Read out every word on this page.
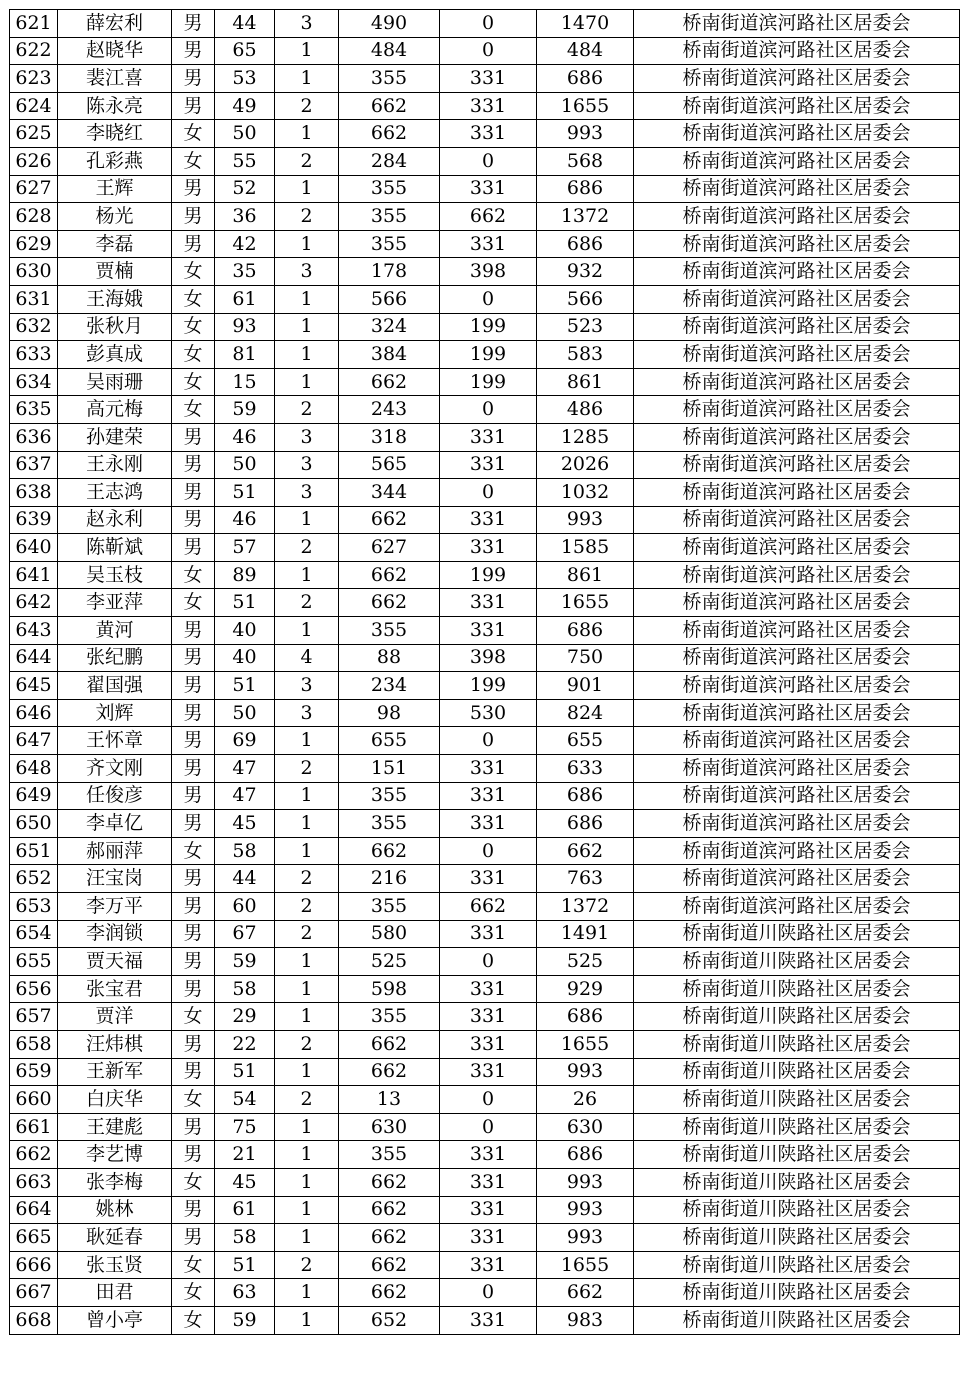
621	薛宏利	男	44	3	490	0	1470	桥南街道滨河路社区居委会
622	赵晓华	男	65	1	484	0	484	桥南街道滨河路社区居委会
623	裴江喜	男	53	1	355	331	686	桥南街道滨河路社区居委会
624	陈永亮	男	49	2	662	331	1655	桥南街道滨河路社区居委会
625	李晓红	女	50	1	662	331	993	桥南街道滨河路社区居委会
626	孔彩燕	女	55	2	284	0	568	桥南街道滨河路社区居委会
627	王辉	男	52	1	355	331	686	桥南街道滨河路社区居委会
628	杨光	男	36	2	355	662	1372	桥南街道滨河路社区居委会
629	李磊	男	42	1	355	331	686	桥南街道滨河路社区居委会
630	贾楠	女	35	3	178	398	932	桥南街道滨河路社区居委会
631	王海娥	女	61	1	566	0	566	桥南街道滨河路社区居委会
632	张秋月	女	93	1	324	199	523	桥南街道滨河路社区居委会
633	彭真成	女	81	1	384	199	583	桥南街道滨河路社区居委会
634	吴雨珊	女	15	1	662	199	861	桥南街道滨河路社区居委会
635	高元梅	女	59	2	243	0	486	桥南街道滨河路社区居委会
636	孙建荣	男	46	3	318	331	1285	桥南街道滨河路社区居委会
637	王永刚	男	50	3	565	331	2026	桥南街道滨河路社区居委会
638	王志鸿	男	51	3	344	0	1032	桥南街道滨河路社区居委会
639	赵永利	男	46	1	662	331	993	桥南街道滨河路社区居委会
640	陈靳斌	男	57	2	627	331	1585	桥南街道滨河路社区居委会
641	吴玉枝	女	89	1	662	199	861	桥南街道滨河路社区居委会
642	李亚萍	女	51	2	662	331	1655	桥南街道滨河路社区居委会
643	黄河	男	40	1	355	331	686	桥南街道滨河路社区居委会
644	张纪鹏	男	40	4	88	398	750	桥南街道滨河路社区居委会
645	翟国强	男	51	3	234	199	901	桥南街道滨河路社区居委会
646	刘辉	男	50	3	98	530	824	桥南街道滨河路社区居委会
647	王怀章	男	69	1	655	0	655	桥南街道滨河路社区居委会
648	齐文刚	男	47	2	151	331	633	桥南街道滨河路社区居委会
649	任俊彦	男	47	1	355	331	686	桥南街道滨河路社区居委会
650	李卓亿	男	45	1	355	331	686	桥南街道滨河路社区居委会
651	郝丽萍	女	58	1	662	0	662	桥南街道滨河路社区居委会
652	汪宝岗	男	44	2	216	331	763	桥南街道滨河路社区居委会
653	李万平	男	60	2	355	662	1372	桥南街道滨河路社区居委会
654	李润锁	男	67	2	580	331	1491	桥南街道川陕路社区居委会
655	贾天福	男	59	1	525	0	525	桥南街道川陕路社区居委会
656	张宝君	男	58	1	598	331	929	桥南街道川陕路社区居委会
657	贾洋	女	29	1	355	331	686	桥南街道川陕路社区居委会
658	汪炜棋	男	22	2	662	331	1655	桥南街道川陕路社区居委会
659	王新军	男	51	1	662	331	993	桥南街道川陕路社区居委会
660	白庆华	女	54	2	13	0	26	桥南街道川陕路社区居委会
661	王建彪	男	75	1	630	0	630	桥南街道川陕路社区居委会
662	李艺博	男	21	1	355	331	686	桥南街道川陕路社区居委会
663	张李梅	女	45	1	662	331	993	桥南街道川陕路社区居委会
664	姚林	男	61	1	662	331	993	桥南街道川陕路社区居委会
665	耿延春	男	58	1	662	331	993	桥南街道川陕路社区居委会
666	张玉贤	女	51	2	662	331	1655	桥南街道川陕路社区居委会
667	田君	女	63	1	662	0	662	桥南街道川陕路社区居委会
668	曾小亭	女	59	1	652	331	983	桥南街道川陕路社区居委会
